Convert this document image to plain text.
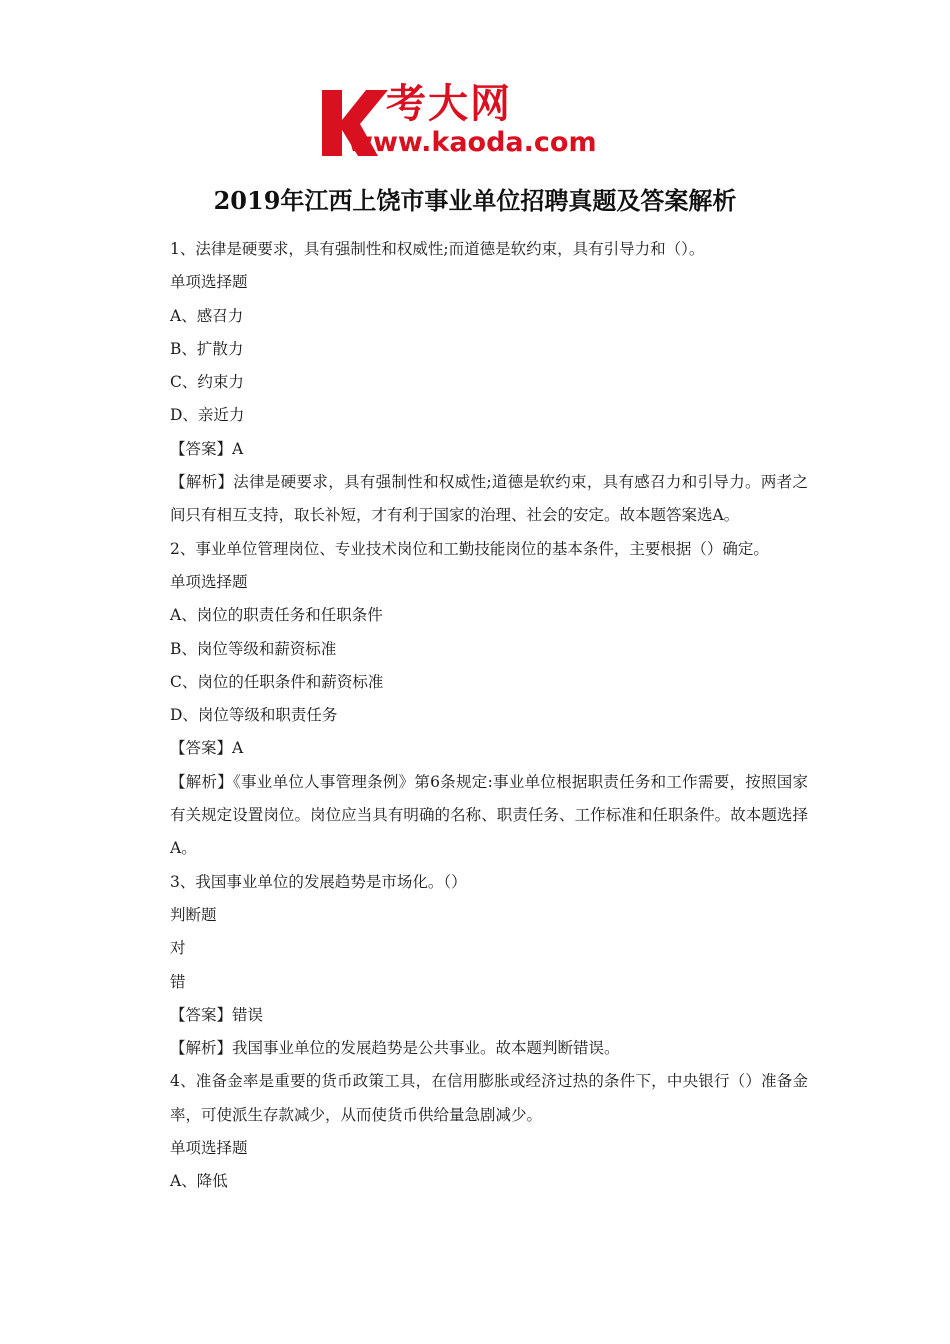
考大网
www.kaoda.com
2019年江西上饶市事业单位招聘真题及答案解析

1、法律是硬要求，具有强制性和权威性;而道德是软约束，具有引导力和（）。

单项选择题

A、感召力

B、扩散力

C、约束力

D、亲近力

【答案】A

【解析】法律是硬要求，具有强制性和权威性;道德是软约束，具有感召力和引导力。两者之间只有相互支持，取长补短，才有利于国家的治理、社会的安定。故本题答案选A。

2、事业单位管理岗位、专业技术岗位和工勤技能岗位的基本条件，主要根据（）确定。

单项选择题

A、岗位的职责任务和任职条件

B、岗位等级和薪资标准

C、岗位的任职条件和薪资标准

D、岗位等级和职责任务

【答案】A

【解析】《事业单位人事管理条例》第6条规定:事业单位根据职责任务和工作需要，按照国家有关规定设置岗位。岗位应当具有明确的名称、职责任务、工作标准和任职条件。故本题选择A。

3、我国事业单位的发展趋势是市场化。（）

判断题

对

错

【答案】错误

【解析】我国事业单位的发展趋势是公共事业。故本题判断错误。

4、准备金率是重要的货币政策工具，在信用膨胀或经济过热的条件下，中央银行（）准备金率，可使派生存款减少，从而使货币供给量急剧减少。

单项选择题

A、降低
